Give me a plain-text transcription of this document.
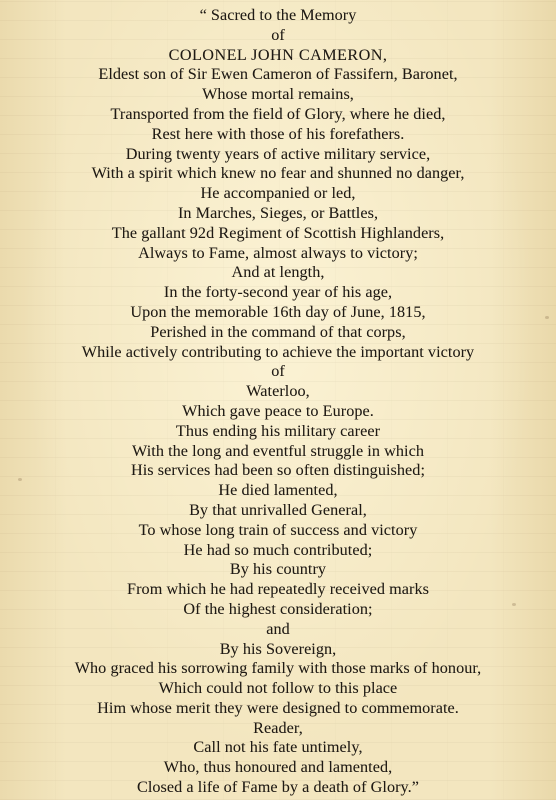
“ Sacred to the Memory
of
COLONEL JOHN CAMERON,
Eldest son of Sir Ewen Cameron of Fassifern, Baronet,
Whose mortal remains,
Transported from the field of Glory, where he died,
Rest here with those of his forefathers.
During twenty years of active military service,
With a spirit which knew no fear and shunned no danger,
He accompanied or led,
In Marches, Sieges, or Battles,
The gallant 92d Regiment of Scottish Highlanders,
Always to Fame, almost always to victory;
And at length,
In the forty-second year of his age,
Upon the memorable 16th day of June, 1815,
Perished in the command of that corps,
While actively contributing to achieve the important victory
of
Waterloo,
Which gave peace to Europe.
Thus ending his military career
With the long and eventful struggle in which
His services had been so often distinguished;
He died lamented,
By that unrivalled General,
To whose long train of success and victory
He had so much contributed;
By his country
From which he had repeatedly received marks
Of the highest consideration;
and
By his Sovereign,
Who graced his sorrowing family with those marks of honour,
Which could not follow to this place
Him whose merit they were designed to commemorate.
Reader,
Call not his fate untimely,
Who, thus honoured and lamented,
Closed a life of Fame by a death of Glory.”
